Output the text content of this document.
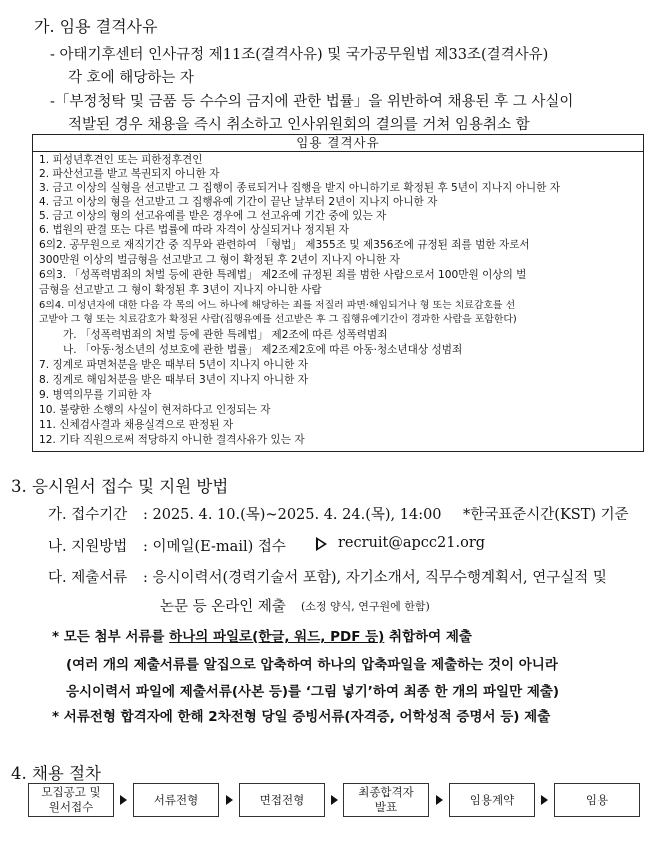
가. 임용 결격사유
- 아태기후센터 인사규정 제11조(결격사유) 및 국가공무원법 제33조(결격사유)
각 호에 해당하는 자
-「부정청탁 및 금품 등 수수의 금지에 관한 법률」을 위반하여 채용된 후 그 사실이
적발된 경우 채용을 즉시 취소하고 인사위원회의 결의를 거쳐 임용취소 함
임용 결격사유
1. 피성년후견인 또는 피한정후견인
2. 파산선고를 받고 복권되지 아니한 자
3. 금고 이상의 실형을 선고받고 그 집행이 종료되거나 집행을 받지 아니하기로 확정된 후 5년이 지나지 아니한 자
4. 금고 이상의 형을 선고받고 그 집행유예 기간이 끝난 날부터 2년이 지나지 아니한 자
5. 금고 이상의 형의 선고유예를 받은 경우에 그 선고유예 기간 중에 있는 자
6. 법원의 판결 또는 다른 법률에 따라 자격이 상실되거나 정지된 자
6의2. 공무원으로 재직기간 중 직무와 관련하여 「형법」 제355조 및 제356조에 규정된 죄를 범한 자로서
300만원 이상의 벌금형을 선고받고 그 형이 확정된 후 2년이 지나지 아니한 자
6의3. 「성폭력범죄의 처벌 등에 관한 특례법」 제2조에 규정된 죄를 범한 사람으로서 100만원 이상의 벌
금형을 선고받고 그 형이 확정된 후 3년이 지나지 아니한 사람
6의4. 미성년자에 대한 다음 각 목의 어느 하나에 해당하는 죄를 저질러 파면·해임되거나 형 또는 치료감호를 선
고받아 그 형 또는 치료감호가 확정된 사람(집행유예를 선고받은 후 그 집행유예기간이 경과한 사람을 포함한다)
가. 「성폭력범죄의 처벌 등에 관한 특례법」 제2조에 따른 성폭력범죄
나. 「아동·청소년의 성보호에 관한 법률」 제2조제2호에 따른 아동·청소년대상 성범죄
7. 징계로 파면처분을 받은 때부터 5년이 지나지 아니한 자
8. 징계로 해임처분을 받은 때부터 3년이 지나지 아니한 자
9. 병역의무를 기피한 자
10. 불량한 소행의 사실이 현저하다고 인정되는 자
11. 신체검사결과 채용실격으로 판정된 자
12. 기타 직원으로써 적당하지 아니한 결격사유가 있는 자
3. 응시원서 접수 및 지원 방법
가. 접수기간 : 2025. 4. 10.(목)~2025. 4. 24.(목), 14:00 *한국표준시간(KST) 기준
나. 지원방법 : 이메일(E-mail) 접수	recruit@apcc21.org
다. 제출서류 : 응시이력서(경력기술서 포함), 자기소개서, 직무수행계획서, 연구실적 및
논문 등 온라인 제출 (소정 양식, 연구원에 한함)
* 모든 첨부 서류를 하나의 파일로(한글, 워드, PDF 등) 취합하여 제출
(여러 개의 제출서류를 알집으로 압축하여 하나의 압축파일을 제출하는 것이 아니라
응시이력서 파일에 제출서류(사본 등)를 ‘그림 넣기’하여 최종 한 개의 파일만 제출)
* 서류전형 합격자에 한해 2차전형 당일 증빙서류(자격증, 어학성적 증명서 등) 제출
4. 채용 절차
모집공고 및
원서접수
서류전형	면접전형
최종합격자
발표
임용계약	임용
